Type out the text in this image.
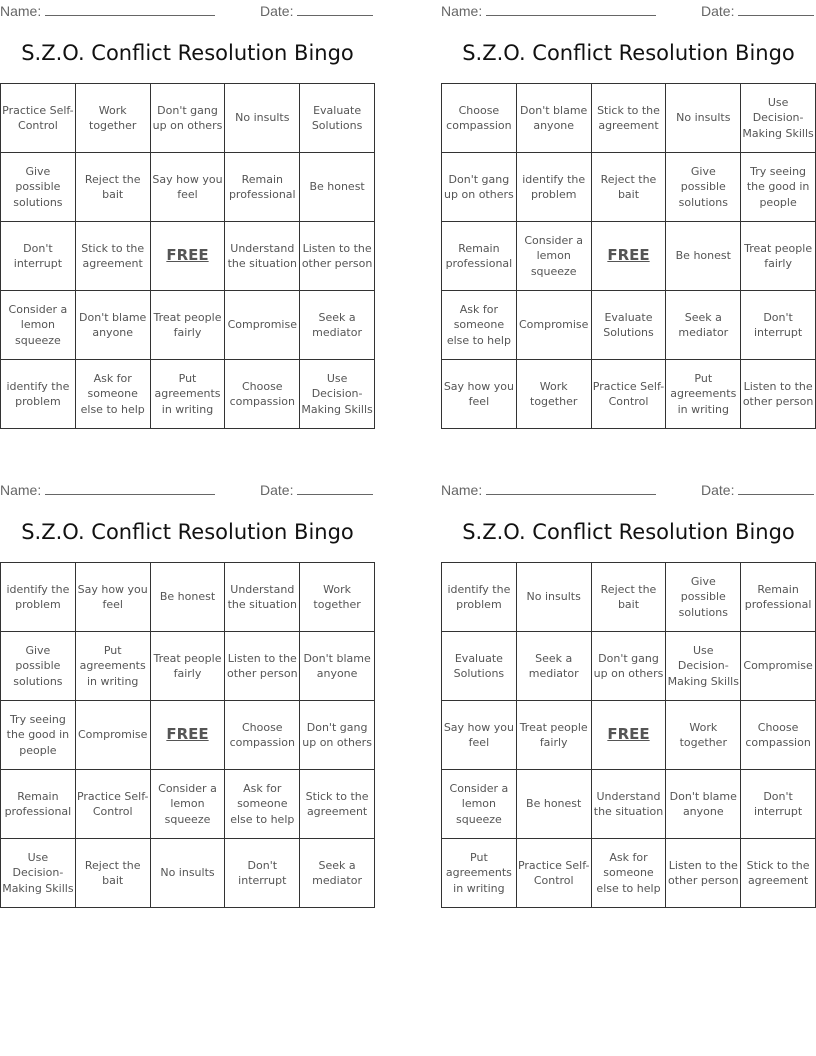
Name:	Date:
S.Z.O. Conflict Resolution Bingo
Practice Self-Control	Work together	Don't gang up on others	No insults	Evaluate Solutions
Give possible solutions	Reject the bait	Say how you feel	Remain professional	Be honest
Don't interrupt	Stick to the agreement	FREE	Understand the situation	Listen to the other person
Consider a lemon squeeze	Don't blame anyone	Treat people fairly	Compromise	Seek a mediator
identify the problem	Ask for someone else to help	Put agreements in writing	Choose compassion	Use Decision-Making Skills
Name:	Date:
S.Z.O. Conflict Resolution Bingo
Choose compassion	Don't blame anyone	Stick to the agreement	No insults	Use Decision-Making Skills
Don't gang up on others	identify the problem	Reject the bait	Give possible solutions	Try seeing the good in people
Remain professional	Consider a lemon squeeze	FREE	Be honest	Treat people fairly
Ask for someone else to help	Compromise	Evaluate Solutions	Seek a mediator	Don't interrupt
Say how you feel	Work together	Practice Self-Control	Put agreements in writing	Listen to the other person
Name:	Date:
S.Z.O. Conflict Resolution Bingo
identify the problem	Say how you feel	Be honest	Understand the situation	Work together
Give possible solutions	Put agreements in writing	Treat people fairly	Listen to the other person	Don't blame anyone
Try seeing the good in people	Compromise	FREE	Choose compassion	Don't gang up on others
Remain professional	Practice Self-Control	Consider a lemon squeeze	Ask for someone else to help	Stick to the agreement
Use Decision-Making Skills	Reject the bait	No insults	Don't interrupt	Seek a mediator
Name:	Date:
S.Z.O. Conflict Resolution Bingo
identify the problem	No insults	Reject the bait	Give possible solutions	Remain professional
Evaluate Solutions	Seek a mediator	Don't gang up on others	Use Decision-Making Skills	Compromise
Say how you feel	Treat people fairly	FREE	Work together	Choose compassion
Consider a lemon squeeze	Be honest	Understand the situation	Don't blame anyone	Don't interrupt
Put agreements in writing	Practice Self-Control	Ask for someone else to help	Listen to the other person	Stick to the agreement
